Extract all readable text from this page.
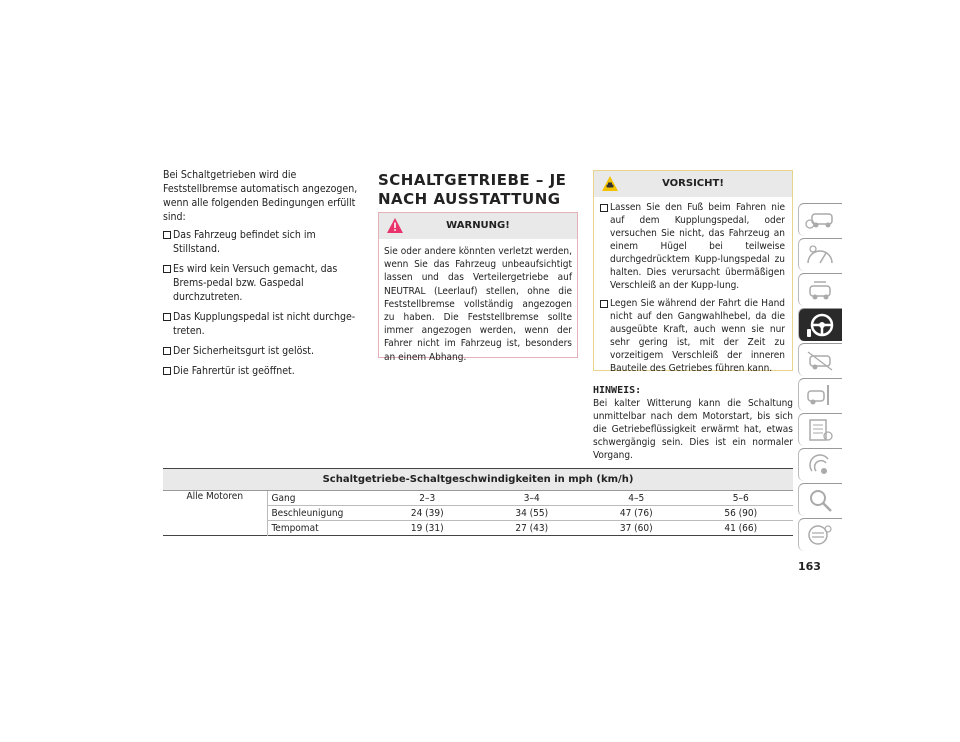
Bei Schaltgetrieben wird die Feststellbremse automatisch angezogen, wenn alle folgenden Bedingungen erfüllt sind:

Das Fahrzeug befindet sich im Stillstand.
Es wird kein Versuch gemacht, das Brems-pedal bzw. Gaspedal durchzutreten.
Das Kupplungspedal ist nicht durchge-treten.
Der Sicherheitsgurt ist gelöst.
Die Fahrertür ist geöffnet.
SCHALTGETRIEBE – JE NACH AUSSTATTUNG
WARNUNG!
Sie oder andere könnten verletzt werden, wenn Sie das Fahrzeug unbeaufsichtigt lassen und das Verteilergetriebe auf NEUTRAL (Leerlauf) stellen, ohne die Feststellbremse vollständig angezogen zu haben. Die Feststellbremse sollte immer angezogen werden, wenn der Fahrer nicht im Fahrzeug ist, besonders an einem Abhang.
VORSICHT!
Lassen Sie den Fuß beim Fahren nie auf dem Kupplungspedal, oder versuchen Sie nicht, das Fahrzeug an einem Hügel bei teilweise durchgedrücktem Kupp-lungspedal zu halten. Dies verursacht übermäßigen Verschleiß an der Kupp-lung.
Legen Sie während der Fahrt die Hand nicht auf den Gangwahlhebel, da die ausgeübte Kraft, auch wenn sie nur sehr gering ist, mit der Zeit zu vorzeitigem Verschleiß der inneren Bauteile des Getriebes führen kann.
HINWEIS:
Bei kalter Witterung kann die Schaltung unmittelbar nach dem Motorstart, bis sich die Getriebeflüssigkeit erwärmt hat, etwas schwergängig sein. Dies ist ein normaler Vorgang.
Schaltgetriebe-Schaltgeschwindigkeiten in mph (km/h)					
Alle Motoren	Gang	2–3	3–4	4–5	5–6
	Beschleunigung	24 (39)	34 (55)	47 (76)	56 (90)
	Tempomat	19 (31)	27 (43)	37 (60)	41 (66)
163
